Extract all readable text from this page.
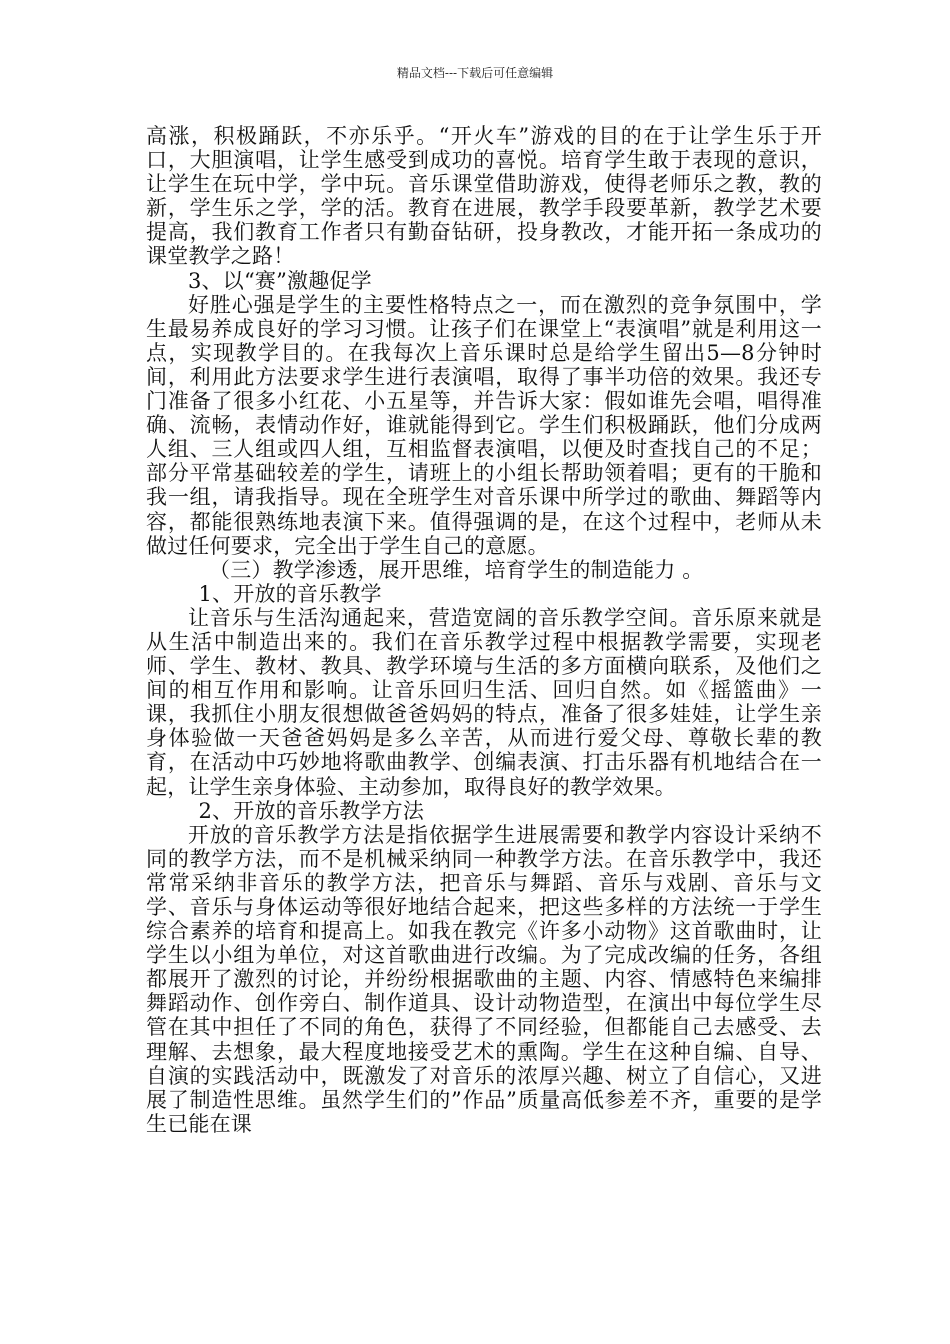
精品文档---下载后可任意编辑

高涨，积极踊跃，不亦乐乎。“开火车”游戏的目的在于让学生乐于开口，大胆演唱，让学生感受到成功的喜悦。培育学生敢于表现的意识，让学生在玩中学，学中玩。音乐课堂借助游戏，使得老师乐之教，教的新，学生乐之学，学的活。教育在进展，教学手段要革新，教学艺术要提高，我们教育工作者只有勤奋钻研，投身教改，才能开拓一条成功的课堂教学之路！

3、以“赛”激趣促学

好胜心强是学生的主要性格特点之一，而在激烈的竞争氛围中，学生最易养成良好的学习习惯。让孩子们在课堂上“表演唱”就是利用这一点，实现教学目的。在我每次上音乐课时总是给学生留出5—8分钟时间，利用此方法要求学生进行表演唱，取得了事半功倍的效果。我还专门准备了很多小红花、小五星等，并告诉大家：假如谁先会唱，唱得准确、流畅，表情动作好，谁就能得到它。学生们积极踊跃，他们分成两人组、三人组或四人组，互相监督表演唱，以便及时查找自己的不足；部分平常基础较差的学生，请班上的小组长帮助领着唱；更有的干脆和我一组，请我指导。现在全班学生对音乐课中所学过的歌曲、舞蹈等内容，都能很熟练地表演下来。值得强调的是，在这个过程中，老师从未做过任何要求，完全出于学生自己的意愿。

（三）教学渗透，展开思维，培育学生的制造能力 。

1、开放的音乐教学

让音乐与生活沟通起来，营造宽阔的音乐教学空间。音乐原来就是从生活中制造出来的。我们在音乐教学过程中根据教学需要，实现老师、学生、教材、教具、教学环境与生活的多方面横向联系，及他们之间的相互作用和影响。让音乐回归生活、回归自然。如《摇篮曲》一课，我抓住小朋友很想做爸爸妈妈的特点，准备了很多娃娃，让学生亲身体验做一天爸爸妈妈是多么辛苦，从而进行爱父母、尊敬长辈的教育，在活动中巧妙地将歌曲教学、创编表演、打击乐器有机地结合在一起，让学生亲身体验、主动参加，取得良好的教学效果。

2、开放的音乐教学方法

开放的音乐教学方法是指依据学生进展需要和教学内容设计采纳不同的教学方法，而不是机械采纳同一种教学方法。在音乐教学中，我还常常采纳非音乐的教学方法，把音乐与舞蹈、音乐与戏剧、音乐与文学、音乐与身体运动等很好地结合起来，把这些多样的方法统一于学生综合素养的培育和提高上。如我在教完《许多小动物》这首歌曲时，让学生以小组为单位，对这首歌曲进行改编。为了完成改编的任务，各组都展开了激烈的讨论，并纷纷根据歌曲的主题、内容、情感特色来编排舞蹈动作、创作旁白、制作道具、设计动物造型，在演出中每位学生尽管在其中担任了不同的角色，获得了不同经验，但都能自己去感受、去理解、去想象，最大程度地接受艺术的熏陶。学生在这种自编、自导、自演的实践活动中，既激发了对音乐的浓厚兴趣、树立了自信心，又进展了制造性思维。虽然学生们的”作品”质量高低参差不齐，重要的是学生已能在课
